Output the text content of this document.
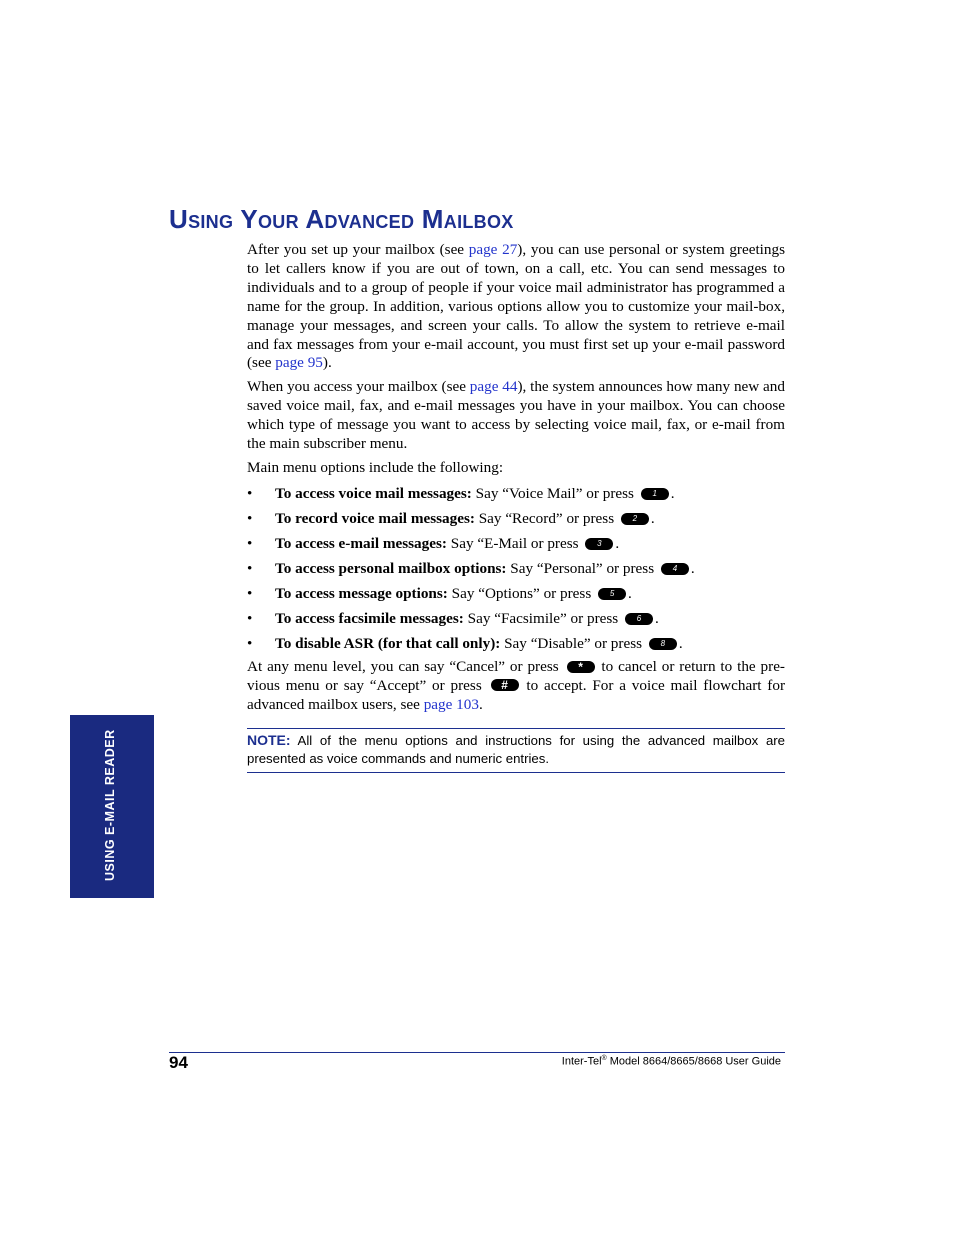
Using Your Advanced Mailbox

After you set up your mailbox (see page 27), you can use personal or system greetings to let callers know if you are out of town, on a call, etc. You can send messages to individuals and to a group of people if your voice mail administrator has programmed a name for the group. In addition, various options allow you to customize your mail-box, manage your messages, and screen your calls. To allow the system to retrieve e-mail and fax messages from your e-mail account, you must first set up your e-mail password (see page 95).

When you access your mailbox (see page 44), the system announces how many new and saved voice mail, fax, and e-mail messages you have in your mailbox. You can choose which type of message you want to access by selecting voice mail, fax, or e-mail from the main subscriber menu.

Main menu options include the following:

• To access voice mail messages: Say “Voice Mail” or press 1 .
• To record voice mail messages: Say “Record” or press 2 .
• To access e-mail messages: Say “E-Mail or press 3 .
• To access personal mailbox options: Say “Personal” or press 4 .
• To access message options: Say “Options” or press 5 .
• To access facsimile messages: Say “Facsimile” or press 6 .
• To disable ASR (for that call only): Say “Disable” or press 8 .

At any menu level, you can say “Cancel” or press * to cancel or return to the pre-vious menu or say “Accept” or press # to accept. For a voice mail flowchart for advanced mailbox users, see page 103.

NOTE: All of the menu options and instructions for using the advanced mailbox are presented as voice commands and numeric entries.
USING E-MAIL READER
94	Inter-Tel® Model 8664/8665/8668 User Guide
